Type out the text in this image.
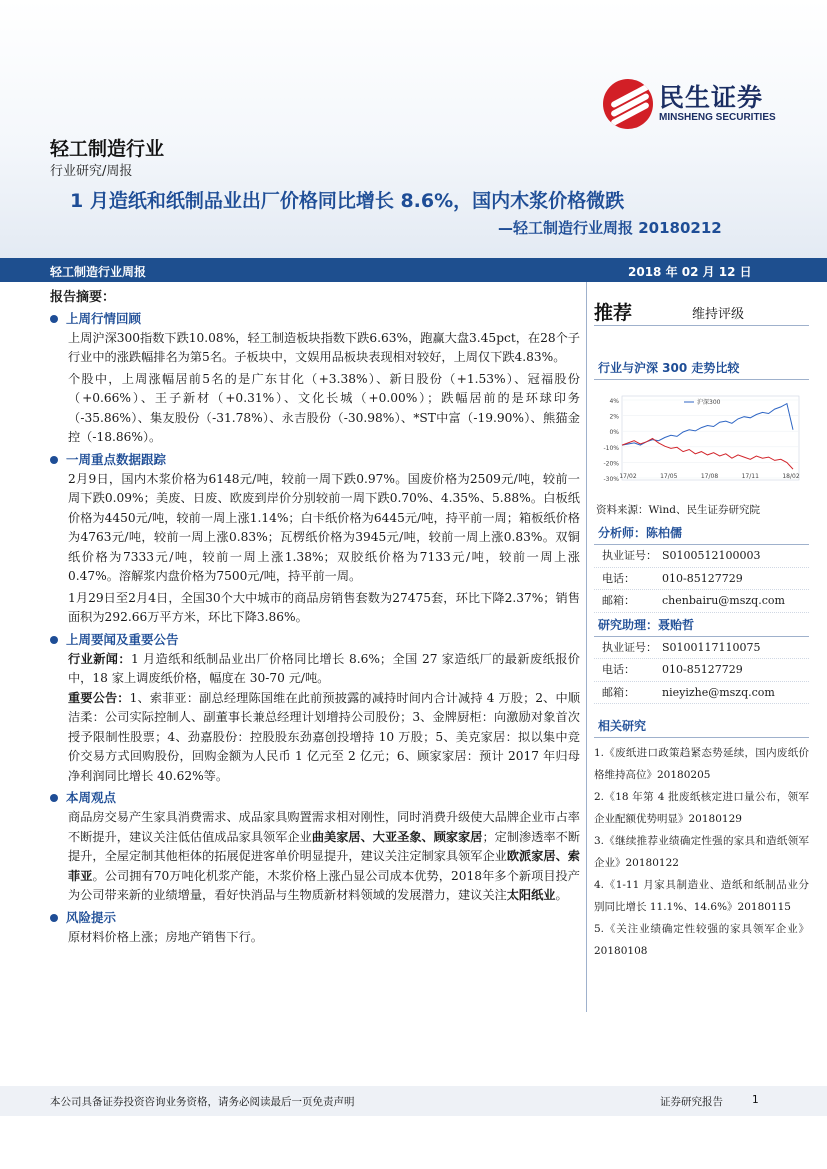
民生证券
MINSHENG SECURITIES
轻工制造行业
行业研究/周报
1 月造纸和纸制品业出厂价格同比增长 8.6%，国内木浆价格微跌
—轻工制造行业周报 20180212
轻工制造行业周报	2018 年 02 月 12 日
报告摘要：
上周行情回顾
上周沪深300指数下跌10.08%，轻工制造板块指数下跌6.63%，跑赢大盘3.45pct，在28个子行业中的涨跌幅排名为第5名。子板块中，文娱用品板块表现相对较好，上周仅下跌4.83%。
个股中，上周涨幅居前5名的是广东甘化（+3.38%）、新日股份（+1.53%）、冠福股份（+0.66%）、王子新材（+0.31%）、文化长城（+0.00%）；跌幅居前的是环球印务（-35.86%）、集友股份（-31.78%）、永吉股份（-30.98%）、*ST中富（-19.90%）、熊猫金控（-18.86%）。
一周重点数据跟踪
2月9日，国内木浆价格为6148元/吨，较前一周下跌0.97%。国废价格为2509元/吨，较前一周下跌0.09%；美废、日废、欧废到岸价分别较前一周下跌0.70%、4.35%、5.88%。白板纸价格为4450元/吨，较前一周上涨1.14%；白卡纸价格为6445元/吨，持平前一周；箱板纸价格为4763元/吨，较前一周上涨0.83%；瓦楞纸价格为3945元/吨，较前一周上涨0.83%。双铜纸价格为7333元/吨，较前一周上涨1.38%；双胶纸价格为7133元/吨，较前一周上涨0.47%。溶解浆内盘价格为7500元/吨，持平前一周。
1月29日至2月4日，全国30个大中城市的商品房销售套数为27475套，环比下降2.37%；销售面积为292.66万平方米，环比下降3.86%。
上周要闻及重要公告
行业新闻：1 月造纸和纸制品业出厂价格同比增长 8.6%；全国 27 家造纸厂的最新废纸报价中，18 家上调废纸价格，幅度在 30-70 元/吨。
重要公告：1、索菲亚：副总经理陈国维在此前预披露的减持时间内合计减持 4 万股；2、中顺洁柔：公司实际控制人、副董事长兼总经理计划增持公司股份；3、金牌厨柜：向激励对象首次授予限制性股票；4、劲嘉股份：控股股东劲嘉创投增持 10 万股；5、美克家居：拟以集中竞价交易方式回购股份，回购金额为人民币 1 亿元至 2 亿元；6、顾家家居：预计 2017 年归母净利润同比增长 40.62%等。
本周观点
商品房交易产生家具消费需求、成品家具购置需求相对刚性，同时消费升级使大品牌企业市占率不断提升，建议关注低估值成品家具领军企业曲美家居、大亚圣象、顾家家居；定制渗透率不断提升，全屋定制其他柜体的拓展促进客单价明显提升，建议关注定制家具领军企业欧派家居、索菲亚。公司拥有70万吨化机浆产能，木浆价格上涨凸显公司成本优势，2018年多个新项目投产为公司带来新的业绩增量，看好快消品与生物质新材料领域的发展潜力，建议关注太阳纸业。
风险提示
原材料价格上涨；房地产销售下行。
推荐	维持评级
行业与沪深 300 走势比较
4%
2%
0%
-10%
-20%
-30% 17/02	17/05	17/08	17/11	18/02
沪深300
资料来源：Wind、民生证券研究院
分析师：陈柏儒
执业证号： S0100512100003
电话：	010-85127729
邮箱：	chenbairu@mszq.com
研究助理：聂贻哲
执业证号： S0100117110075
电话：	010-85127729
邮箱：	nieyizhe@mszq.com
相关研究
1.《废纸进口政策趋紧态势延续，国内废纸价格维持高位》20180205
2.《18 年第 4 批废纸核定进口量公布，领军企业配额优势明显》20180129
3.《继续推荐业绩确定性强的家具和造纸领军企业》20180122
4.《1-11 月家具制造业、造纸和纸制品业分别同比增长 11.1%、14.6%》20180115
5.《关注业绩确定性较强的家具领军企业》20180108
本公司具备证券投资咨询业务资格，请务必阅读最后一页免责声明	证券研究报告	1
